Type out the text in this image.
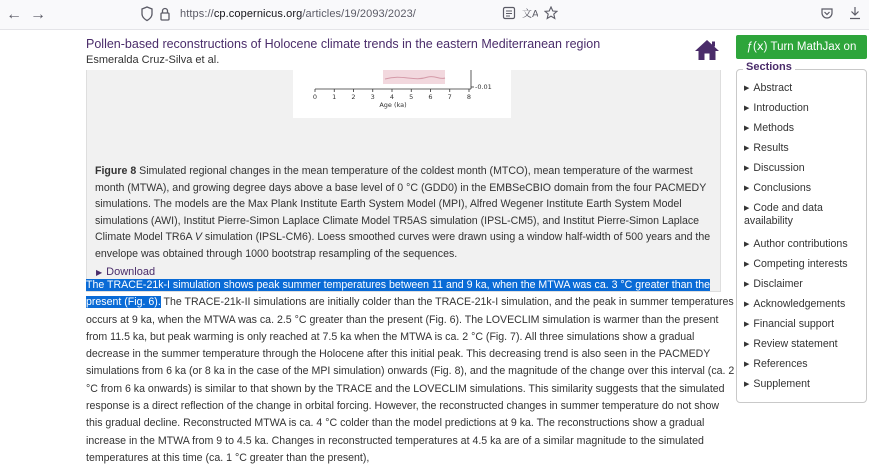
← →	https://cp.copernicus.org/articles/19/2093/2023/	文A
Pollen-based reconstructions of Holocene climate trends in the eastern Mediterranean region
Esmeralda Cruz-Silva et al.
-0.01
0 1 2 3 4 5 6 7 8
Age (ka)
Figure 8 Simulated regional changes in the mean temperature of the coldest month (MTCO), mean temperature of the warmest month (MTWA), and growing degree days above a base level of 0 °C (GDD0) in the EMBSeCBIO domain from the four PACMEDY simulations. The models are the Max Plank Institute Earth System Model (MPI), Alfred Wegener Institute Earth System Model simulations (AWI), Institut Pierre-Simon Laplace Climate Model TR5AS simulation (IPSL-CM5), and Institut Pierre-Simon Laplace Climate Model TR6A V simulation (IPSL-CM6). Loess smoothed curves were drawn using a window half-width of 500 years and the envelope was obtained through 1000 bootstrap resampling of the sequences.
▶ Download
The TRACE-21k-I simulation shows peak summer temperatures between 11 and 9 ka, when the MTWA was ca. 3 °C greater than the present (Fig. 6). The TRACE-21k-II simulations are initially colder than the TRACE-21k-I simulation, and the peak in summer temperatures occurs at 9 ka, when the MTWA was ca. 2.5 °C greater than the present (Fig. 6). The LOVECLIM simulation is warmer than the present from 11.5 ka, but peak warming is only reached at 7.5 ka when the MTWA is ca. 2 °C (Fig. 7). All three simulations show a gradual decrease in the summer temperature through the Holocene after this initial peak. This decreasing trend is also seen in the PACMEDY simulations from 6 ka (or 8 ka in the case of the MPI simulation) onwards (Fig. 8), and the magnitude of the change over this interval (ca. 2 °C from 6 ka onwards) is similar to that shown by the TRACE and the LOVECLIM simulations. This similarity suggests that the simulated response is a direct reflection of the change in orbital forcing. However, the reconstructed changes in summer temperature do not show this gradual decline. Reconstructed MTWA is ca. 4 °C colder than the model predictions at 9 ka. The reconstructions show a gradual increase in the MTWA from 9 to 4.5 ka. Changes in reconstructed temperatures at 4.5 ka are of a similar magnitude to the simulated temperatures at this time (ca. 1 °C greater than the present),
ƒ(ⅹ) Turn MathJax on
Sections
▶ Abstract
▶ Introduction
▶ Methods
▶ Results
▶ Discussion
▶ Conclusions
▶ Code and data availability
▶ Author contributions
▶ Competing interests
▶ Disclaimer
▶ Acknowledgements
▶ Financial support
▶ Review statement
▶ References
▶ Supplement
